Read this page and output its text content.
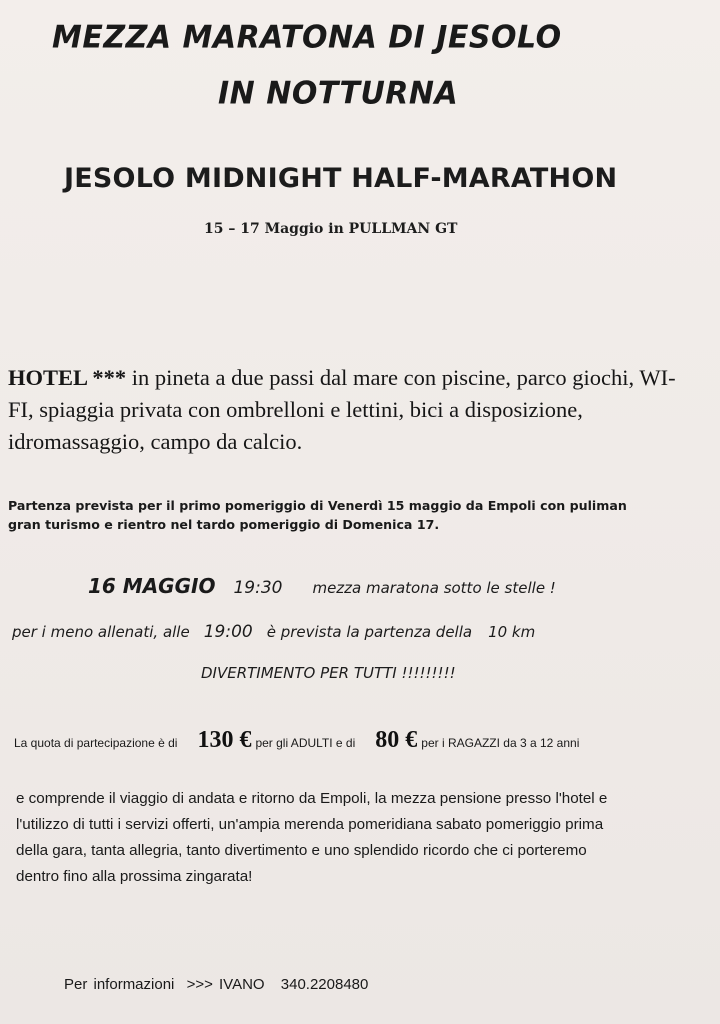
MEZZA MARATONA DI JESOLO
IN NOTTURNA
JESOLO MIDNIGHT HALF-MARATHON
15 – 17 Maggio in PULLMAN GT
HOTEL *** in pineta a due passi dal mare con piscine, parco giochi, WI-FI, spiaggia privata con ombrelloni e lettini, bici a disposizione, idromassaggio, campo da calcio.
Partenza prevista per il primo pomeriggio di Venerdì 15 maggio da Empoli con puliman
gran turismo e rientro nel tardo pomeriggio di Domenica 17.
16 MAGGIO 19:30 mezza maratona sotto le stelle !
per i meno allenati, alle 19:00 è prevista la partenza della 10 km
DIVERTIMENTO PER TUTTI !!!!!!!!!
La quota di partecipazione è di 130 € per gli ADULTI e di 80 € per i RAGAZZI da 3 a 12 anni
e comprende il viaggio di andata e ritorno da Empoli, la mezza pensione presso l'hotel e
l'utilizzo di tutti i servizi offerti, un'ampia merenda pomeridiana sabato pomeriggio prima
della gara, tanta allegria, tanto divertimento e uno splendido ricordo che ci porteremo
dentro fino alla prossima zingarata!
Per informazioni >>> IVANO 340.2208480
